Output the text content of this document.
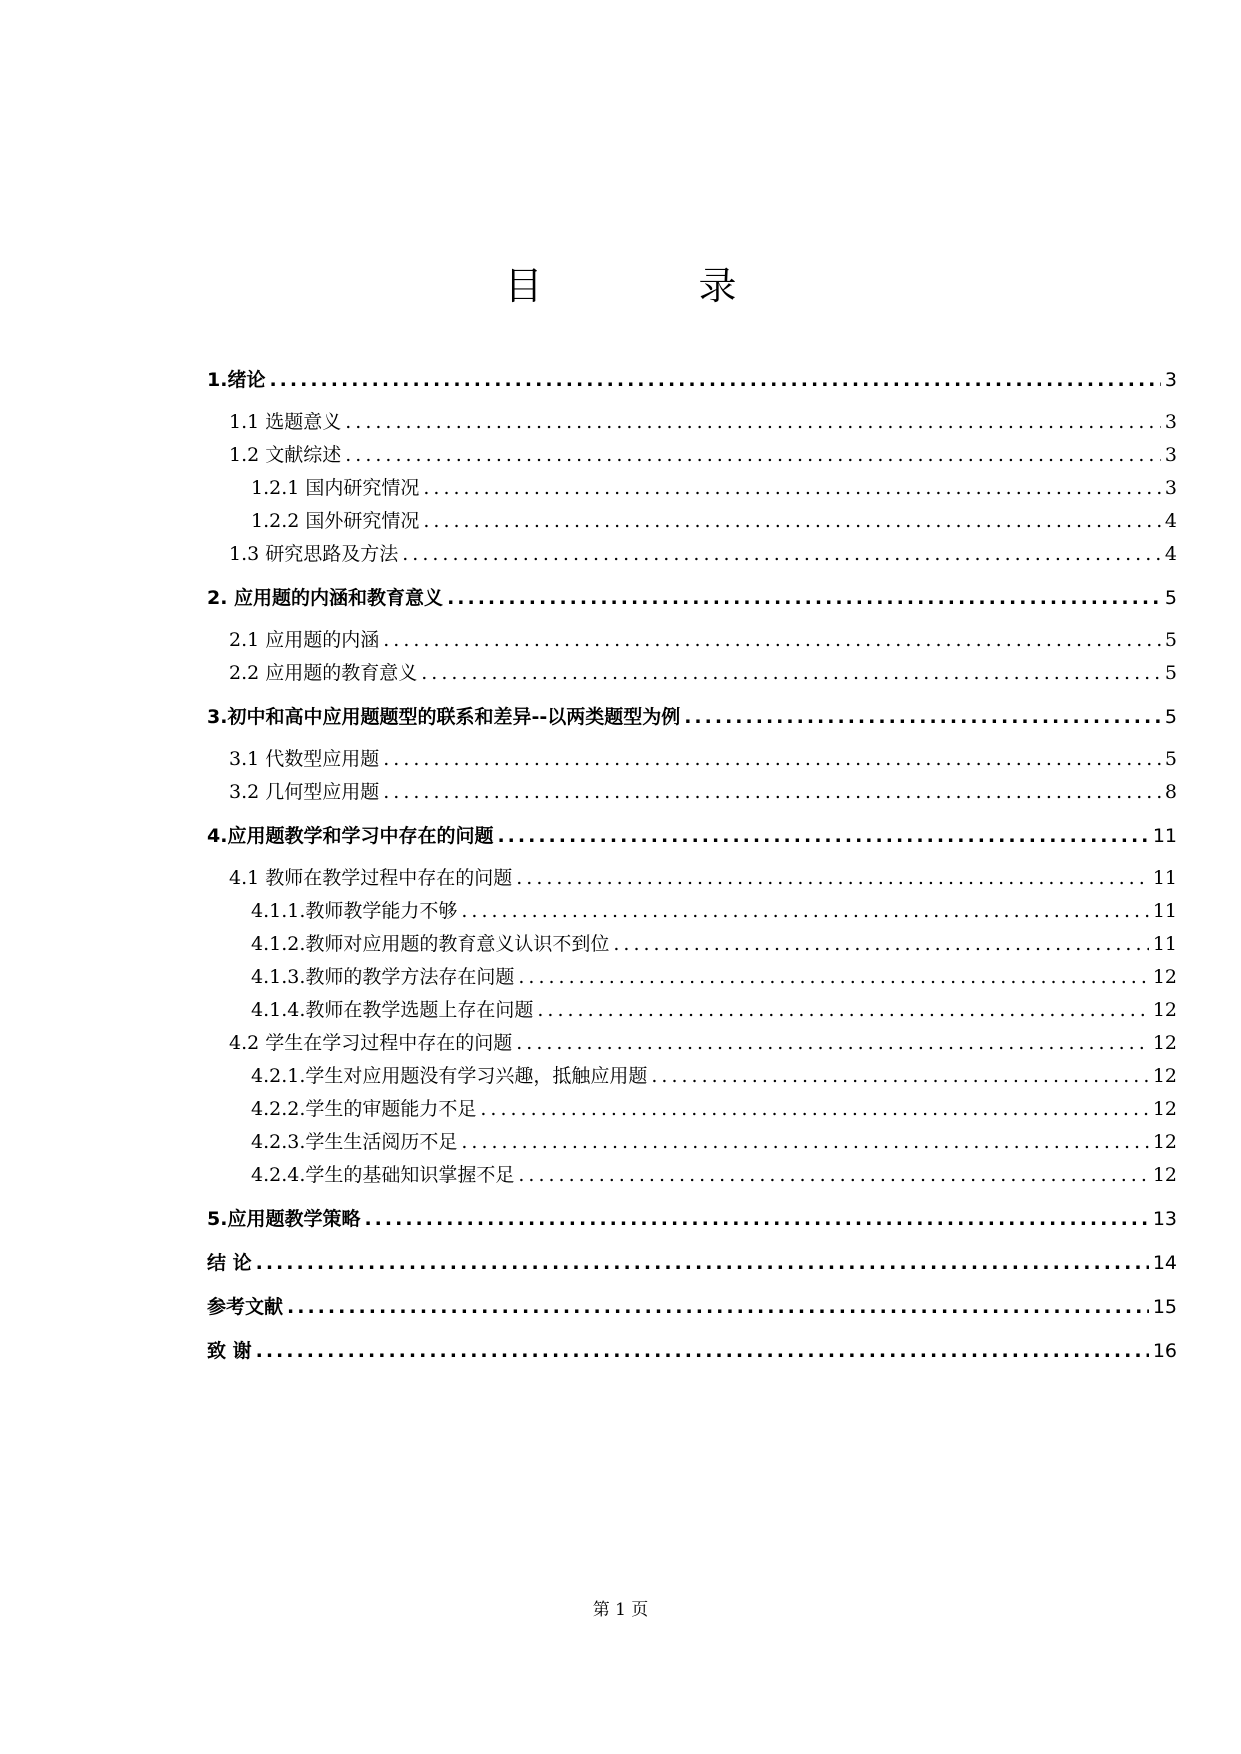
目 录
1.绪论 .....	3
1.1 选题意义 .....	3
1.2 文献综述 .....	3
1.2.1 国内研究情况 .....	3
1.2.2 国外研究情况 .....	4
1.3 研究思路及方法 .....	4
2. 应用题的内涵和教育意义 .....	5
2.1 应用题的内涵 .....	5
2.2 应用题的教育意义 .....	5
3.初中和高中应用题题型的联系和差异--以两类题型为例 .....	5
3.1 代数型应用题 .....	5
3.2 几何型应用题 .....	8
4.应用题教学和学习中存在的问题 .....	11
4.1 教师在教学过程中存在的问题 .....	11
4.1.1.教师教学能力不够 .....	11
4.1.2.教师对应用题的教育意义认识不到位 .....	11
4.1.3.教师的教学方法存在问题 .....	12
4.1.4.教师在教学选题上存在问题 .....	12
4.2 学生在学习过程中存在的问题 .....	12
4.2.1.学生对应用题没有学习兴趣，抵触应用题 .....	12
4.2.2.学生的审题能力不足 .....	12
4.2.3.学生生活阅历不足 .....	12
4.2.4.学生的基础知识掌握不足 .....	12
5.应用题教学策略 .....	13
结 论 .....	14
参考文献 .....	15
致 谢 .....	16
第 1 页
